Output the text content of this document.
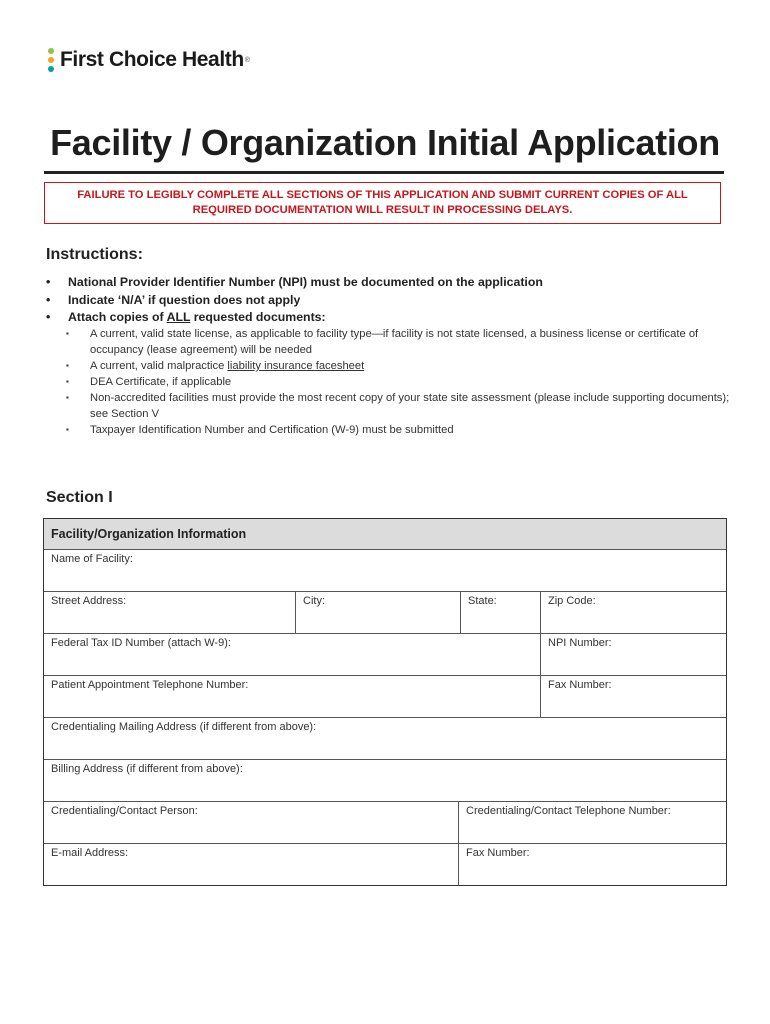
First Choice Health ®
Facility / Organization Initial Application
FAILURE TO LEGIBLY COMPLETE ALL SECTIONS OF THIS APPLICATION AND SUBMIT CURRENT COPIES OF ALL REQUIRED DOCUMENTATION WILL RESULT IN PROCESSING DELAYS.
Instructions:
•	National Provider Identifier Number (NPI) must be documented on the application
•	Indicate ‘N/A’ if question does not apply
•	Attach copies of ALL requested documents:
▪	A current, valid state license, as applicable to facility type—if facility is not state licensed, a business license or certificate of occupancy (lease agreement) will be needed
▪	A current, valid malpractice liability insurance facesheet
▪	DEA Certificate, if applicable
▪	Non-accredited facilities must provide the most recent copy of your state site assessment (please include supporting documents); see Section V
▪	Taxpayer Identification Number and Certification (W-9) must be submitted
Section I
Facility/Organization Information
Name of Facility:
Street Address:	City:	State:	Zip Code:
Federal Tax ID Number (attach W-9):	NPI Number:
Patient Appointment Telephone Number:	Fax Number:
Credentialing Mailing Address (if different from above):
Billing Address (if different from above):
Credentialing/Contact Person:	Credentialing/Contact Telephone Number:
E-mail Address:	Fax Number:
